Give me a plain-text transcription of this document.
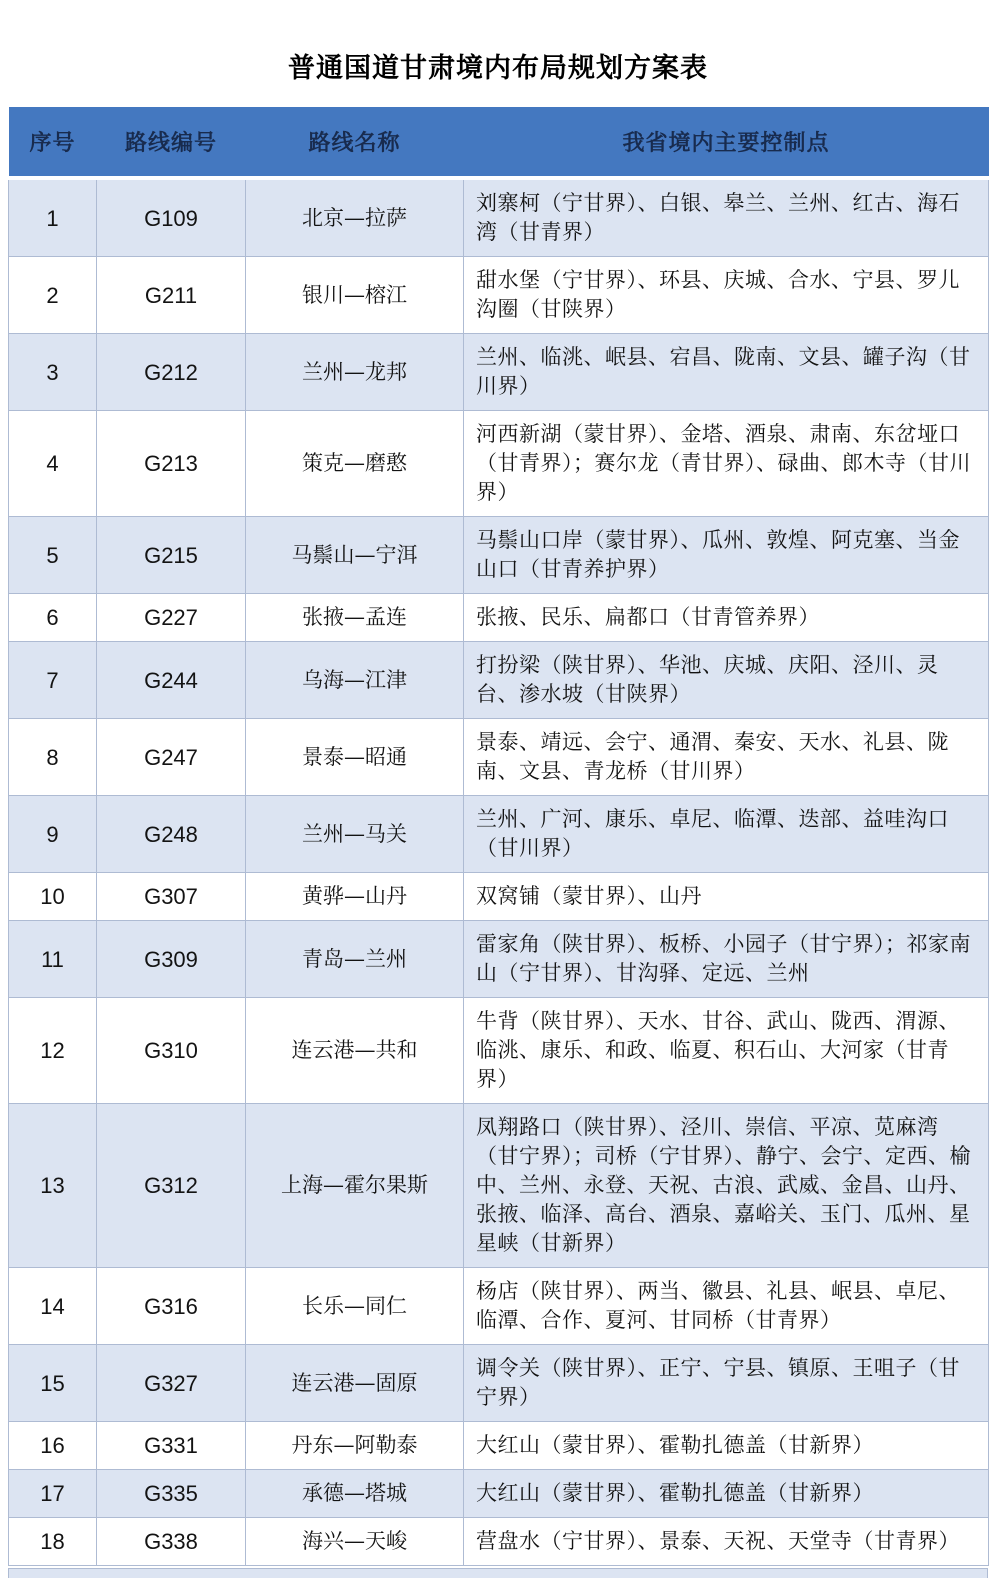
普通国道甘肃境内布局规划方案表
序号	路线编号	路线名称	我省境内主要控制点
1	G109	北京—拉萨	刘寨柯（宁甘界）、白银、皋兰、兰州、红古、海石湾（甘青界）
2	G211	银川—榕江	甜水堡（宁甘界）、环县、庆城、合水、宁县、罗儿沟圈（甘陕界）
3	G212	兰州—龙邦	兰州、临洮、岷县、宕昌、陇南、文县、罐子沟（甘川界）
4	G213	策克—磨憨	河西新湖（蒙甘界）、金塔、酒泉、肃南、东岔垭口（甘青界）；赛尔龙（青甘界）、碌曲、郎木寺（甘川界）
5	G215	马鬃山—宁洱	马鬃山口岸（蒙甘界）、瓜州、敦煌、阿克塞、当金山口（甘青养护界）
6	G227	张掖—孟连	张掖、民乐、扁都口（甘青管养界）
7	G244	乌海—江津	打扮梁（陕甘界）、华池、庆城、庆阳、泾川、灵台、渗水坡（甘陕界）
8	G247	景泰—昭通	景泰、靖远、会宁、通渭、秦安、天水、礼县、陇南、文县、青龙桥（甘川界）
9	G248	兰州—马关	兰州、广河、康乐、卓尼、临潭、迭部、益哇沟口（甘川界）
10	G307	黄骅—山丹	双窝铺（蒙甘界）、山丹
11	G309	青岛—兰州	雷家角（陕甘界）、板桥、小园子（甘宁界）；祁家南山（宁甘界）、甘沟驿、定远、兰州
12	G310	连云港—共和	牛背（陕甘界）、天水、甘谷、武山、陇西、渭源、临洮、康乐、和政、临夏、积石山、大河家（甘青界）
13	G312	上海—霍尔果斯	凤翔路口（陕甘界）、泾川、崇信、平凉、苋麻湾（甘宁界）；司桥（宁甘界）、静宁、会宁、定西、榆中、兰州、永登、天祝、古浪、武威、金昌、山丹、张掖、临泽、高台、酒泉、嘉峪关、玉门、瓜州、星星峡（甘新界）
14	G316	长乐—同仁	杨店（陕甘界）、两当、徽县、礼县、岷县、卓尼、临潭、合作、夏河、甘同桥（甘青界）
15	G327	连云港—固原	调令关（陕甘界）、正宁、宁县、镇原、王咀子（甘宁界）
16	G331	丹东—阿勒泰	大红山（蒙甘界）、霍勒扎德盖（甘新界）
17	G335	承德—塔城	大红山（蒙甘界）、霍勒扎德盖（甘新界）
18	G338	海兴—天峻	营盘水（宁甘界）、景泰、天祝、天堂寺（甘青界）
